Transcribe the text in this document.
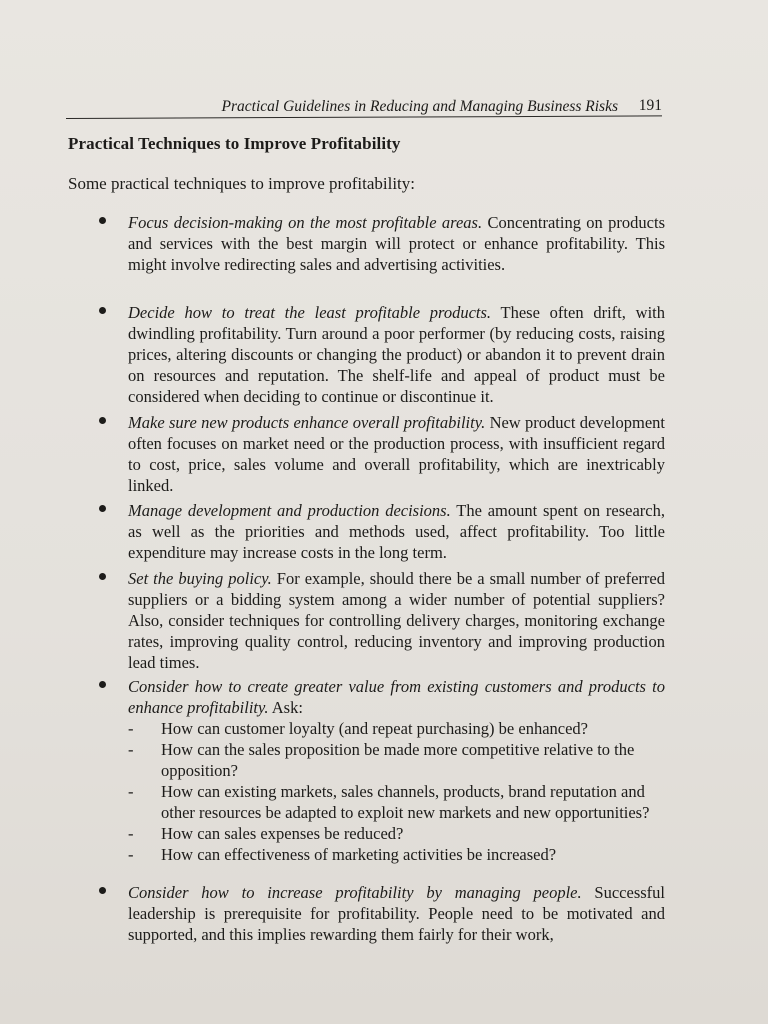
Practical Guidelines in Reducing and Managing Business Risks 191
Practical Techniques to Improve Profitability
Some practical techniques to improve profitability:
Focus decision-making on the most profitable areas. Concentrating on products and services with the best margin will protect or enhance profitability. This might involve redirecting sales and advertising activities.
Decide how to treat the least profitable products. These often drift, with dwindling profitability. Turn around a poor performer (by reducing costs, raising prices, altering discounts or changing the product) or abandon it to prevent drain on resources and reputation. The shelf-life and appeal of product must be considered when deciding to continue or discontinue it.
Make sure new products enhance overall profitability. New product development often focuses on market need or the production process, with insufficient regard to cost, price, sales volume and overall profitability, which are inextricably linked.
Manage development and production decisions. The amount spent on research, as well as the priorities and methods used, affect profitability. Too little expenditure may increase costs in the long term.
Set the buying policy. For example, should there be a small number of preferred suppliers or a bidding system among a wider number of potential suppliers? Also, consider techniques for controlling delivery charges, monitoring exchange rates, improving quality control, reducing inventory and improving production lead times.
Consider how to create greater value from existing customers and products to enhance profitability. Ask:
- How can customer loyalty (and repeat purchasing) be enhanced?
- How can the sales proposition be made more competitive relative to the opposition?
- How can existing markets, sales channels, products, brand reputation and other resources be adapted to exploit new markets and new opportunities?
- How can sales expenses be reduced?
- How can effectiveness of marketing activities be increased?
Consider how to increase profitability by managing people. Successful leadership is prerequisite for profitability. People need to be motivated and supported, and this implies rewarding them fairly for their work,
